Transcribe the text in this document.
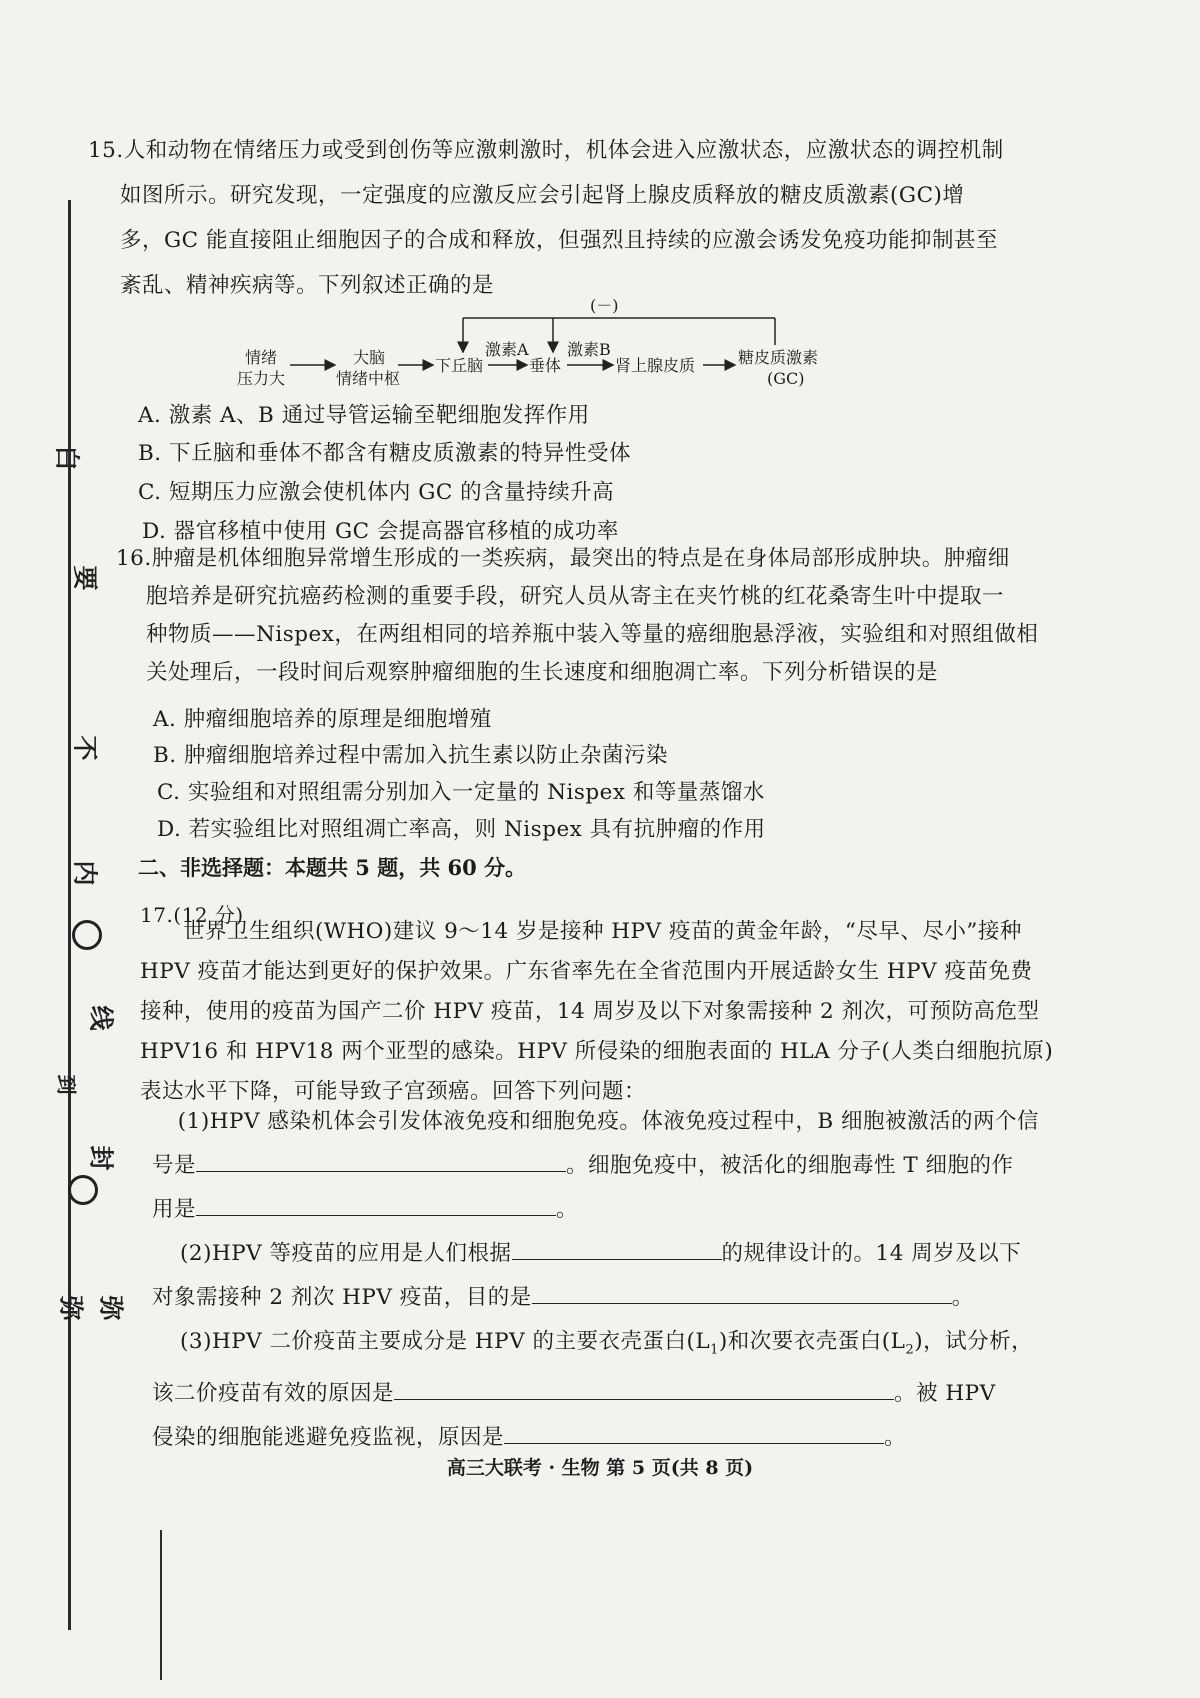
白
要
不
内
线
封
到
弥 弥
15.人和动物在情绪压力或受到创伤等应激刺激时，机体会进入应激状态，应激状态的调控机制
如图所示。研究发现，一定强度的应激反应会引起肾上腺皮质释放的糖皮质激素(GC)增
多，GC 能直接阻止细胞因子的合成和释放，但强烈且持续的应激会诱发免疫功能抑制甚至
紊乱、精神疾病等。下列叙述正确的是
(－)
情绪
压力大
大脑
情绪中枢
下丘脑
激素A
垂体
激素B
肾上腺皮质	糖皮质激素
(GC)
A. 激素 A、B 通过导管运输至靶细胞发挥作用
B. 下丘脑和垂体不都含有糖皮质激素的特异性受体
C. 短期压力应激会使机体内 GC 的含量持续升高
D. 器官移植中使用 GC 会提高器官移植的成功率
16.肿瘤是机体细胞异常增生形成的一类疾病，最突出的特点是在身体局部形成肿块。肿瘤细
胞培养是研究抗癌药检测的重要手段，研究人员从寄主在夹竹桃的红花桑寄生叶中提取一
种物质——Nispex，在两组相同的培养瓶中装入等量的癌细胞悬浮液，实验组和对照组做相
关处理后，一段时间后观察肿瘤细胞的生长速度和细胞凋亡率。下列分析错误的是
A. 肿瘤细胞培养的原理是细胞增殖
B. 肿瘤细胞培养过程中需加入抗生素以防止杂菌污染
C. 实验组和对照组需分别加入一定量的 Nispex 和等量蒸馏水
D. 若实验组比对照组凋亡率高，则 Nispex 具有抗肿瘤的作用
二、非选择题：本题共 5 题，共 60 分。
17.(12 分)
世界卫生组织(WHO)建议 9～14 岁是接种 HPV 疫苗的黄金年龄，“尽早、尽小”接种
HPV 疫苗才能达到更好的保护效果。广东省率先在全省范围内开展适龄女生 HPV 疫苗免费
接种，使用的疫苗为国产二价 HPV 疫苗，14 周岁及以下对象需接种 2 剂次，可预防高危型
HPV16 和 HPV18 两个亚型的感染。HPV 所侵染的细胞表面的 HLA 分子(人类白细胞抗原)
表达水平下降，可能导致子宫颈癌。回答下列问题：
(1)HPV 感染机体会引发体液免疫和细胞免疫。体液免疫过程中，B 细胞被激活的两个信
号是	。细胞免疫中，被活化的细胞毒性 T 细胞的作
用是	。
(2)HPV 等疫苗的应用是人们根据	的规律设计的。14 周岁及以下
对象需接种 2 剂次 HPV 疫苗，目的是	。
(3)HPV 二价疫苗主要成分是 HPV 的主要衣壳蛋白$(L_1)$和次要衣壳蛋白$(L_2)$，试分析，
该二价疫苗有效的原因是	。被 HPV
侵染的细胞能逃避免疫监视，原因是	。
高三大联考 · 生物 第 5 页(共 8 页)
